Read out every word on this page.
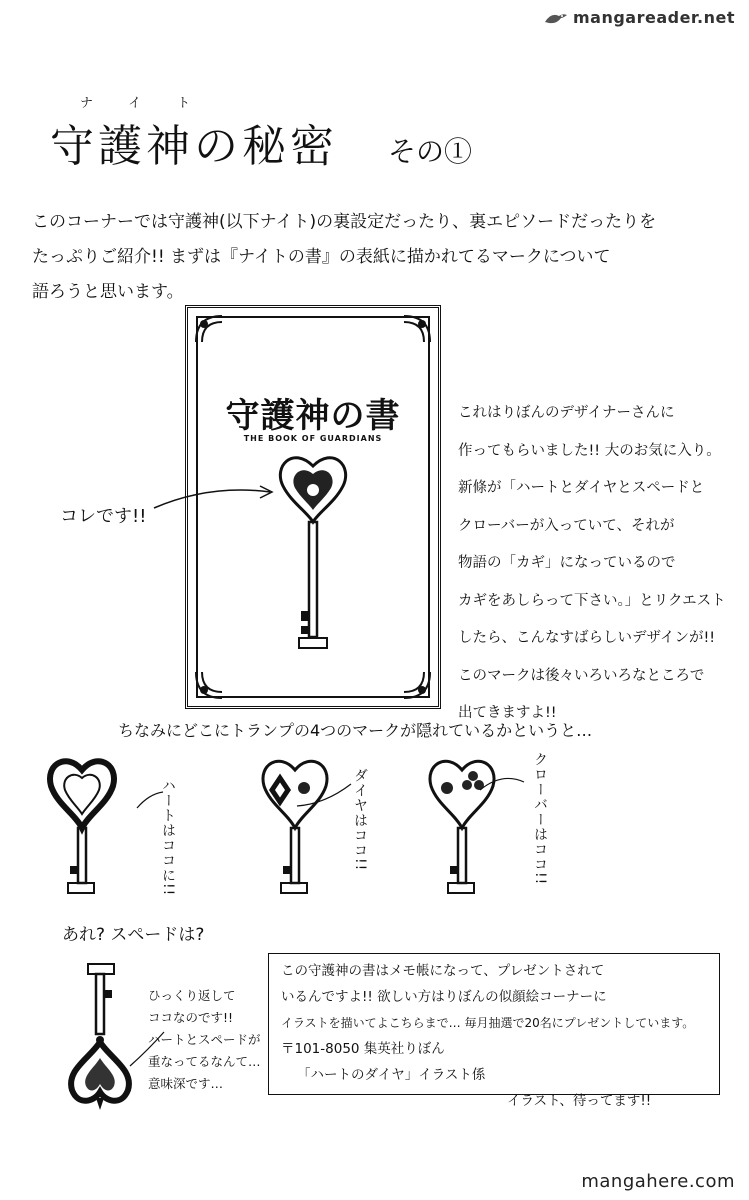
mangareader.net
mangahere.com
ナイト
守護神の秘密 その①
このコーナーでは守護神(以下ナイト)の裏設定だったり、裏エピソードだったりを
たっぷりご紹介!! まずは『ナイトの書』の表紙に描かれてるマークについて
語ろうと思います。
守護神の書
THE BOOK OF GUARDIANS
コレです!!
これはりぼんのデザイナーさんに
作ってもらいました!! 大のお気に入り。
新條が「ハートとダイヤとスペードと
クローバーが入っていて、それが
物語の「カギ」になっているので
カギをあしらって下さい。」とリクエスト
したら、こんなすばらしいデザインが!!
このマークは後々いろいろなところで
出てきますよ!!
ちなみにどこにトランプの4つのマークが隠れているかというと…
ハートはココに!!	ダイヤはココ!!	クローバーはココ!!
あれ? スペードは?
ひっくり返して
ココなのです!!
ハートとスペードが
重なってるなんて…
意味深です…
この守護神の書はメモ帳になって、プレゼントされて
いるんですよ!! 欲しい方はりぼんの似顔絵コーナーに
イラストを描いてよこちらまで… 毎月抽選で20名にプレゼントしています。
〒101-8050 集英社りぼん
「ハートのダイヤ」イラスト係
イラスト、待ってます!!
